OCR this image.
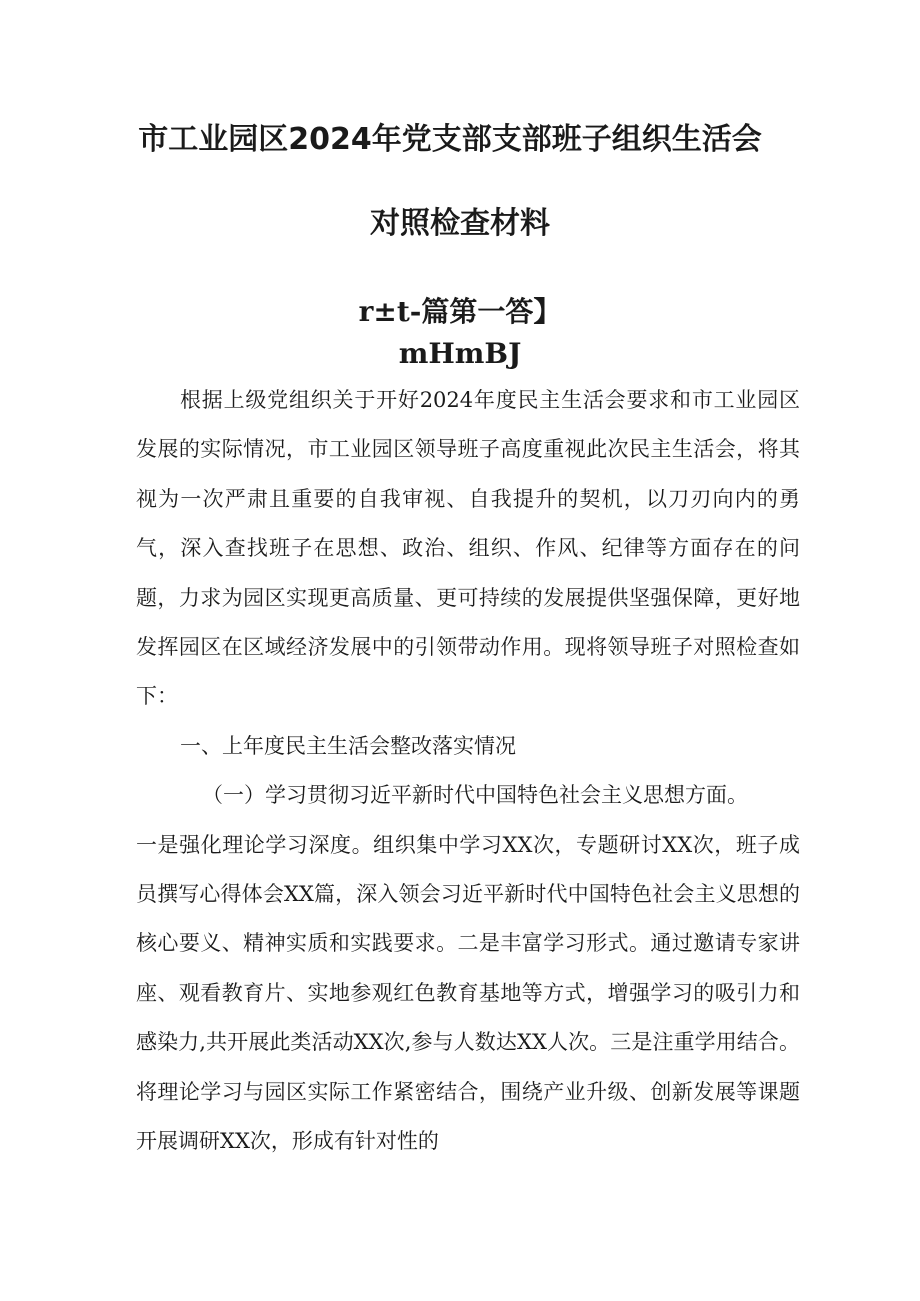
市工业园区2024年党支部支部班子组织生活会
对照检查材料
r±t-篇第一答】
mHmBJ

根据上级党组织关于开好2024年度民主生活会要求和市工业园区发展的实际情况，市工业园区领导班子高度重视此次民主生活会，将其视为一次严肃且重要的自我审视、自我提升的契机，以刀刃向内的勇气，深入查找班子在思想、政治、组织、作风、纪律等方面存在的问题，力求为园区实现更高质量、更可持续的发展提供坚强保障，更好地发挥园区在区域经济发展中的引领带动作用。现将领导班子对照检查如下：

一、上年度民主生活会整改落实情况

（一）学习贯彻习近平新时代中国特色社会主义思想方面。

一是强化理论学习深度。组织集中学习XX次，专题研讨XX次，班子成员撰写心得体会XX篇，深入领会习近平新时代中国特色社会主义思想的核心要义、精神实质和实践要求。二是丰富学习形式。通过邀请专家讲座、观看教育片、实地参观红色教育基地等方式，增强学习的吸引力和感染力,共开展此类活动XX次,参与人数达XX人次。三是注重学用结合。将理论学习与园区实际工作紧密结合，围绕产业升级、创新发展等课题开展调研XX次，形成有针对性的
